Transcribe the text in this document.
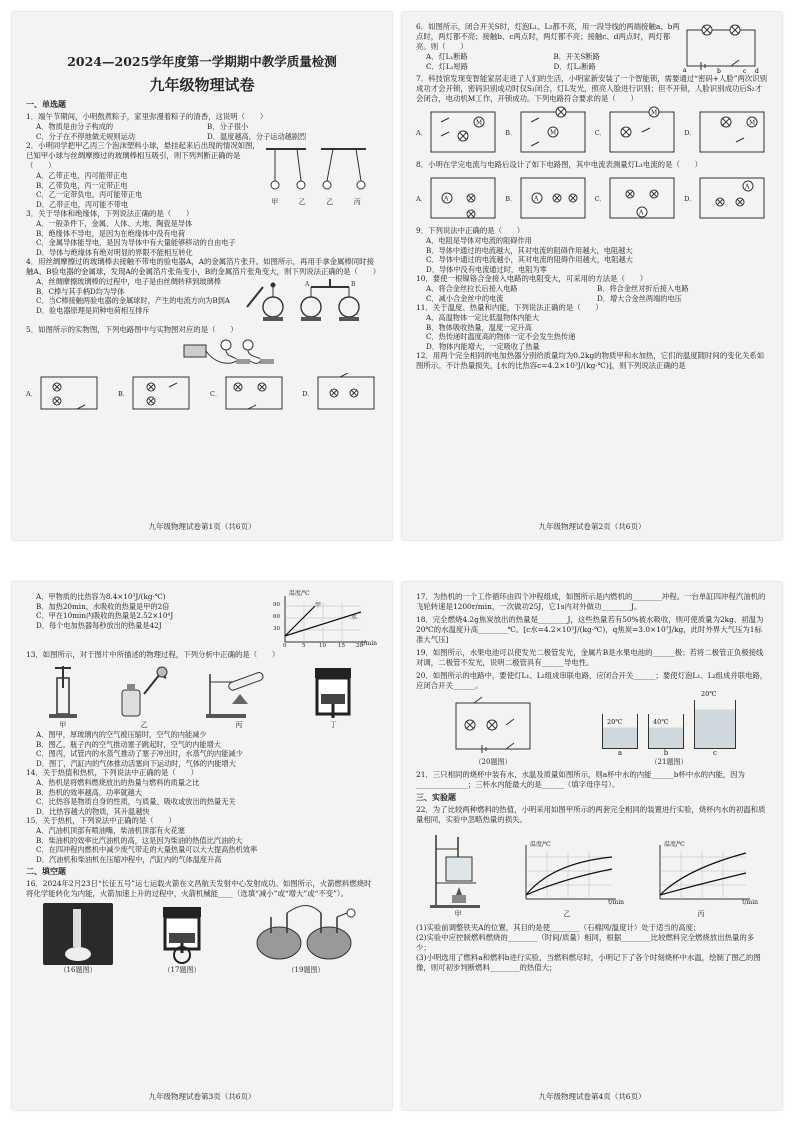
2024—2025学年度第一学期期中教学质量检测
九年级物理试卷
一、单选题

1．端午节期间，小明熬煮粽子，家里弥漫着粽子的清香，这说明（　　）

A．物质是由分子构成的	B．分子很小
C．分子在不停地做无规则运动	D．温度越高，分子运动越剧烈

2．小明同学把甲乙丙三个泡沫塑料小球，悬挂起来后出现的情况如图，已知甲小球与丝绸摩擦过的玻璃棒相互吸引，则下列判断正确的是（　　）

A．乙带正电，丙可能带正电
B．乙带负电，丙一定带正电
C．乙一定带负电，丙可能带正电
D．乙带正电，丙可能不带电	甲	乙	乙	丙

3．关于导体和绝缘体，下列说法正确的是（　　）

A．一般条件下，金属、人体、大地、陶瓷是导体
B．绝缘体不导电，是因为在绝缘体中没有电荷
C．金属导体能导电，是因为导体中有大量能够移动的自由电子
D．导体与绝缘体有绝对明显的界限不能相互转化

4．用丝绸摩擦过的玻璃棒去接触不带电的验电器A，A的金属箔片张开。如图所示，再用手拿金属棒同时接触A、B验电器的金属球，发现A的金属箔片张角变小，B的金属箔片张角变大，则下列说法正确的是（　　）

A．丝绸摩擦玻璃棒的过程中，电子是由丝绸转移到玻璃棒
B．C棒与其手柄D均为导体
C．当C棒接触两验电器的金属球时，产生的电流方向为B到A
D．验电器原理是同种电荷相互排斥
A	B

5．如图所示的实物图，下列电路图中与实物图对应的是（　　）

A．	B．	C．	D．
九年级物理试卷第1页（共6页）

6．如图所示，闭合开关S时，灯泡L₁、L₂都不亮，用一段导线的两端接触a、b两点时，两灯都不亮；接触b、c两点时，两灯都不亮；接触c、d两点时，两灯都亮。则（　　）

A．灯L₁断路	B．开关S断路
C．灯L₂短路	D．灯L₂断路	a	b	c d

7．科技馆发现变智能家居走进了人们的生活，小明家新安装了一个智能锁，需要通过“密码+人脸”两次识别成功才会开锁，密码识别成功时仅S₁闭合，灯L发光，照亮人脸进行识别；但不开锁，人脸识别成功后S₂才会闭合，电动机M工作，开锁成功。下列电路符合要求的是（　　）

A．
M
B．	M	C．
M
D．
M

8．小明在学完电流与电路后设计了如下电路图，其中电流表测量灯L₁电流的是（　　）

A．	A	B．	A	C．
A
D．
A

9．下列说法中正确的是（　　）

A．电阻是导体对电流的阻碍作用
B．导体中通过的电流越大，其对电流的阻碍作用越大，电阻越大
C．导体中通过的电流越小，其对电流的阻碍作用越大，电阻越大
D．导体中没有电流通过时，电阻为零

10．要使一根镍铬合金接入电路的电阻变大，可采用的方法是（　　）

A．将合金丝拉长后接入电路	B．将合金丝对折后接入电路
C．减小合金丝中的电流	D．增大合金丝两端的电压

11．关于温度、热量和内能，下列说法正确的是（　　）

A．高温物体一定比低温物体内能大
B．物体吸收热量，温度一定升高
C．热传递时温度高的物体一定不会发生热传递
D．物体内能增大，一定吸收了热量

12．用两个完全相同的电加热器分别给质量均为0.2kg的物质甲和水加热，它们的温度随时间的变化关系如图所示。不计热量损失，[水的比热容c=4.2×10³J/(kg·℃)]，则下列说法正确的是

九年级物理试卷第2页（共6页）
A．甲物质的比热容为8.4×10³J/(kg·℃)
B．加热20min，水吸收的热量是甲的2倍
C．甲在10min内吸收的热量是2.52×10⁴J
D．每个电加热器每秒放出的热量是42J
温度/℃
t/min
90
60
30
0	5 10 15 20
甲
水

13．如图所示，对于图片中所描述的物理过程，下列分析中正确的是（　　）

甲	乙	丙	丁
A．图甲，厚玻璃内的空气被压缩时，空气的内能减少
B．图乙，瓶子内的空气推动塞子跳起时，空气的内能增大
C．图丙，试管内的水蒸气推动了塞子冲出时，水蒸气的内能减少
D．图丁，汽缸内的气体推动活塞向下运动时，气体的内能增大

14．关于热值和热机，下列说法中正确的是（　　）

A．热机是将燃料燃烧放出的热量与燃料的质量之比
B．热机的效率越高，功率就越大
C．比热容是物质自身的性质，与质量、吸收或放出的热量无关
D．比热容越大的物质，其升温越快

15．关于热机，下列说法中正确的是（　　）

A．汽油机顶部有喷油嘴，柴油机顶部有火花塞
B．柴油机的效率比汽油机的高，这是因为柴油的热值比汽油的大
C．在四冲程内燃机中减少废气带走的大量热量可以大大提高热机效率
D．汽油机和柴油机在压缩冲程中，汽缸内的气体温度升高
二、填空题

16．2024年2月23日“长征五号”运七运载火箭在文昌航天发射中心发射成功。如图所示，火箭燃料燃烧时将化学能转化为内能，火箭加速上升的过程中，火箭机械能____（选填“减小”或“增大”或“不变”）。

（16题图）	（17题图）	（19题图）
九年级物理试卷第3页（共6页）

17．为热机的一个工作循环由四个冲程组成，如图所示是内燃机的________冲程。一台单缸四冲程汽油机的飞轮转速是1200r/min，一次做功25J，它1s内对外做功________J。

18．完全燃烧4.2g焦炭放出的热量是________J，这些热量若有50%被水吸收，则可使质量为2kg、初温为20℃的水温度升高________℃。[c水=4.2×10³J/(kg·℃)，q焦炭=3.0×10⁷J/kg，此时外界大气压为1标准大气压]

19．如图所示，水果电池可以使发光二极管发光，金属片B是水果电池的______极；若将二极管正负极接线对调，二极管不发光，说明二极管具有______导电性。

20．如图所示的电路中，要使灯L₁、L₂组成串联电路，应闭合开关______；要使灯泡L₁、L₂组成并联电路，应闭合开关______。

（20题图）
20℃
a
40℃
b
20℃
c
（21题图）

21．三只相同的烧杯中装有水，水温及质量如图所示，则a杯中水的内能______b杯中水的内能，因为______________；三杯水内能最大的是______（填字母序号）。

三、实验题

22．为了比较两种燃料的热值，小明采用如图甲所示的两套完全相同的装置进行实验，烧杯内水的初温和质量相同，实验中忽略热量的损失。

甲
温度/℃
t/min
乙
温度/℃
t/min
丙

(1)实验前调整铁夹A的位置，其目的是使________（石棉网/温度计）处于适当的高度；

(2)实验中应控制燃料燃烧的________（时间/质量）相同，根据________比较燃料完全燃烧放出热量的多少；

(3)小明选用了燃料a和燃料b进行实验，当燃料燃尽时，小明记下了各个时刻烧杯中水温，绘制了图乙的图像，则可初步判断燃料________的热值大；

九年级物理试卷第4页（共6页）
